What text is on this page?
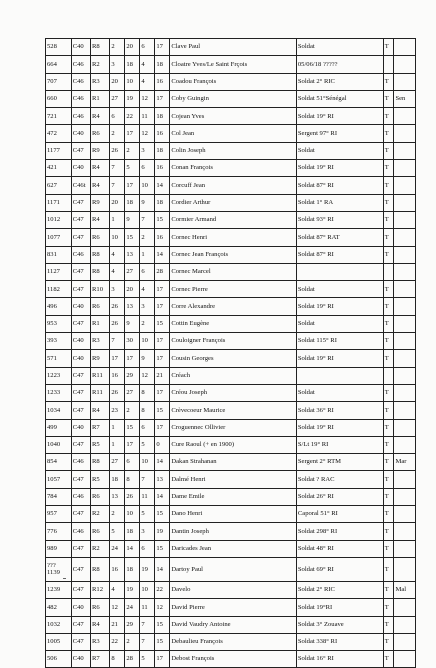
528	C40	R8	2	20	6	17	Clave Paul	Soldat	T	
664	C46	R2	3	18	4	18	Cloatre Yves/Le Saint Frçois	05/06/18 ?????		
707	C46	R3	20	10	4	16	Coadou François	Soldat 2° RIC	T	
660	C46	R1	27	19	12	17	Coby Guingin	Soldat 51°Sénégal	T	Sen
721	C46	R4	6	22	11	18	Cojean Yves	Soldat 19° RI	T	
472	C40	R6	2	17	12	16	Col Jean	Sergent 97° RI	T	
1177	C47	R9	26	2	3	18	Colin Joseph	Soldat	T	
421	C40	R4	7	5	6	16	Conan François	Soldat 19° RI	T	
627	C46t	R4	7	17	10	14	Corcuff Jean	Soldat 87° RI	T	
1171	C47	R9	20	18	9	18	Cordier Arthur	Soldat 1° RA	T	
1012	C47	R4	1	9	7	15	Cormier Armand	Soldat 93° RI	T	
1077	C47	R6	10	15	2	16	Cornec Henri	Soldat 87° RAT	T	
831	C46	R8	4	13	1	14	Cornec Jean François	Soldat 87° RI	T	
1127	C47	R8	4	27	6	28	Cornec Marcel			
1182	C47	R10	3	20	4	17	Cornec Pierre	Soldat	T	
496	C40	R6	26	13	3	17	Corre Alexandre	Soldat 19° RI	T	
953	C47	R1	26	9	2	15	Cottin Eugène	Soldat	T	
393	C40	R3	7	30	10	17	Couloigner François	Soldat 115° RI	T	
571	C40	R9	17	17	9	17	Cousin Georges	Soldat 19° RI	T	
1223	C47	R11	16	29	12	21	Créach			
1233	C47	R11	26	27	8	17	Créou Joseph	Soldat	T	
1034	C47	R4	23	2	8	15	Crèvecoeur Maurice	Soldat 36° RI	T	
499	C40	R7	1	15	6	17	Croguennec Ollivier	Soldat 19° RI	T	
1040	C47	R5	1	17	5	0	Cure Raoul (+ en 1900)	S/Lt 19° RI	T	
854	C46	R8	27	6	10	14	Dakan Strahanan	Sergent 2° RTM	T	Mar
1057	C47	R5	18	8	7	13	Dalmé Henri	Soldat ? RAC	T	
784	C46	R6	13	26	11	14	Dame Emile	Soldat 26° RI	T	
957	C47	R2	2	10	5	15	Dano Henri	Caporal 51° RI	T	
776	C46	R6	5	18	3	19	Dantin Joseph	Soldat 298° RI	T	
989	C47	R2	24	14	6	15	Daricades Jean	Soldat 48° RI	T	
??? 1139	C47	R8	16	18	19	14	Dartoy Paul	Soldat 69° RI	T	
1239	C47	R12	4	19	10	22	Davelo	Soldat 2° RIC	T	Mal
482	C40	R6	12	24	11	12	David Pierre	Soldat 19°RI	T	
1032	C47	R4	21	29	7	15	David Vaudry Antoine	Soldat 3° Zouave	T	
1005	C47	R3	22	2	7	15	Debaulieu François	Soldat 338° RI	T	
506	C40	R7	8	28	5	17	Debost François	Soldat 16° RI	T	
